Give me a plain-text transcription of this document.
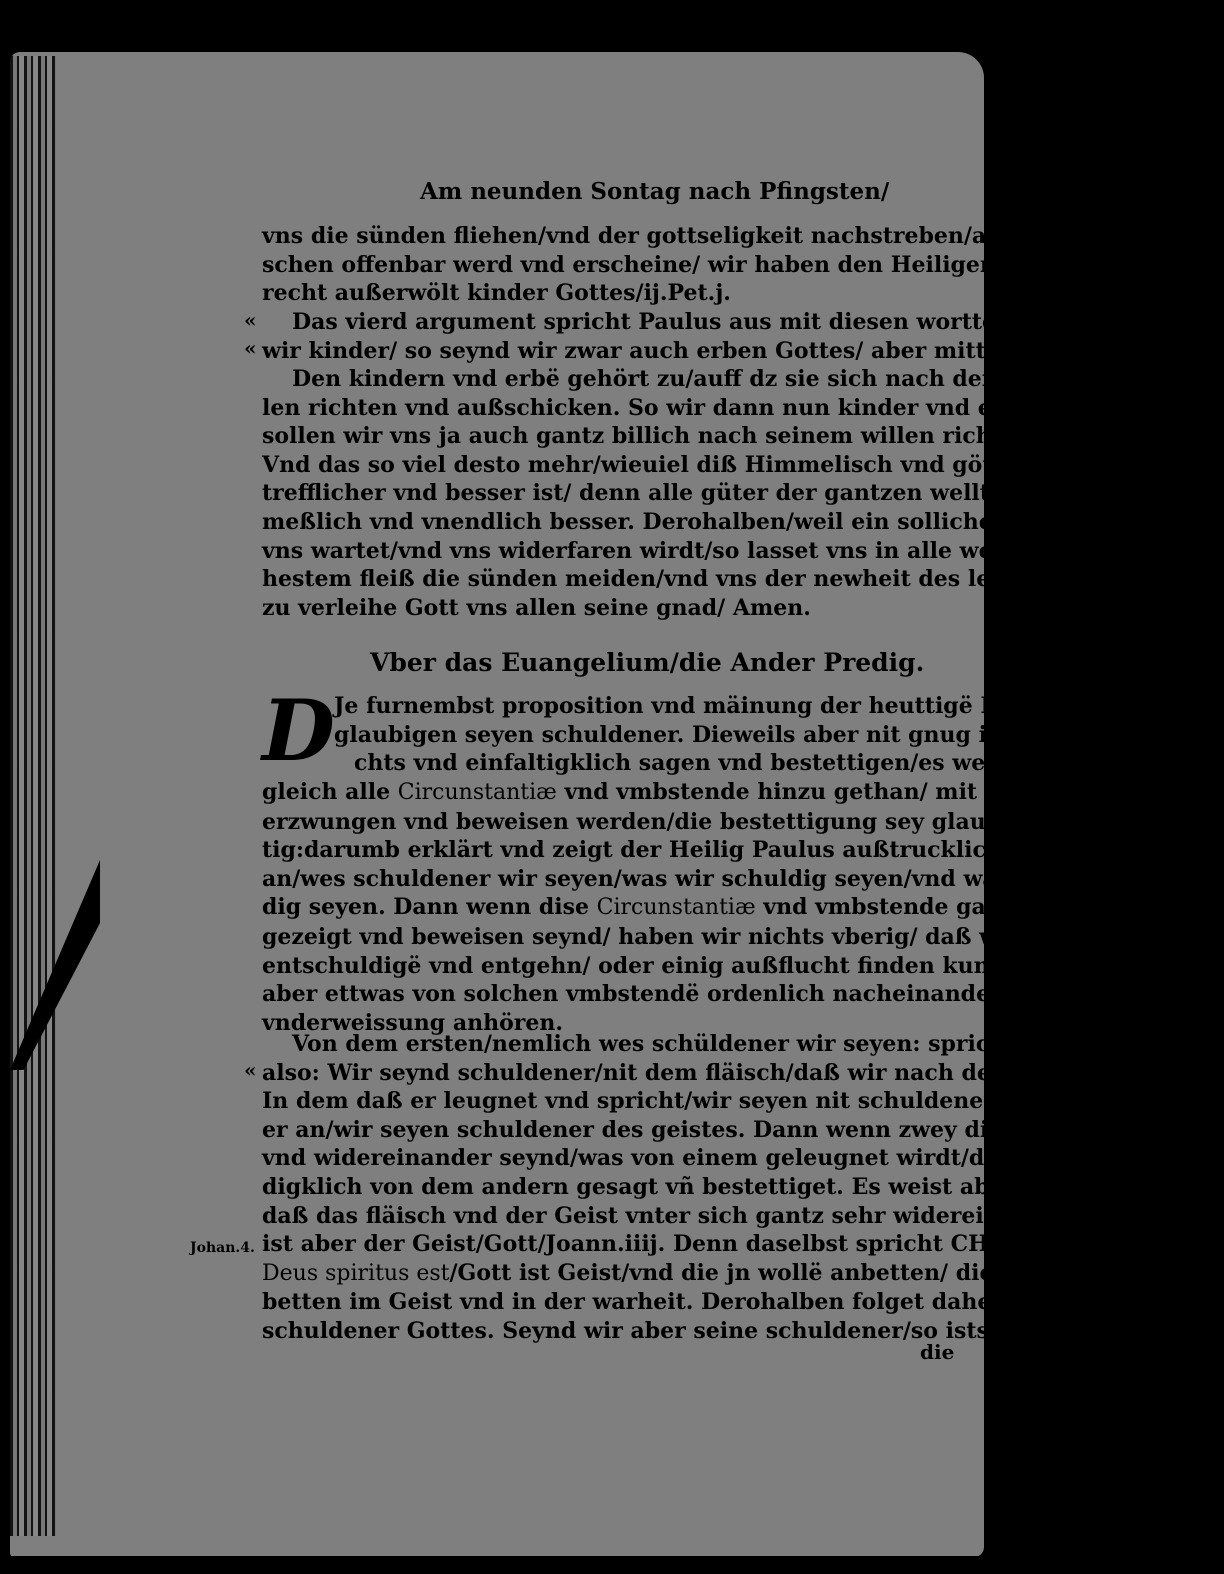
Am neunden Sontag nach Pfingsten/
vns die sünden fliehen/vnd der gottseligkeit nachstreben/auff daß allen mën-
schen offenbar werd vnd erscheine/ wir haben den Heiligen Geist/ vnd seyen
recht außerwölt kinder Gottes/ij.Pet.j.
«
«
Das vierd argument spricht Paulus aus mit diesen wortten: Seynd
wir kinder/ so seynd wir zwar auch erben Gottes/ aber mitterben Christi.
Den kindern vnd erbë gehört zu/auff dz sie sich nach dem Vatterlichë wil-
len richten vnd außschicken. So wir dann nun kinder vnd erbë Gottes seynd/
sollen wir vns ja auch gantz billich nach seinem willen richten vnd anschickë.
Vnd das so viel desto mehr/wieuiel diß Himmelisch vnd göttlich erbtheil für-
trefflicher vnd besser ist/ denn alle güter der gantzen wellt: Es ist aber vner-
meßlich vnd vnendlich besser. Derohalben/weil ein solliche groß erbtheil auff
vns wartet/vnd vns widerfaren wirdt/so lasset vns in alle weg vnd mit ho-
hestem fleiß die sünden meiden/vnd vns der newheit des lebens ergebë. Dar-
zu verleihe Gott vns allen seine gnad/ Amen.
Vber das Euangelium/die Ander Predig.
D Je furnembst proposition vnd mäinung der heuttigë Lection ist/Wir
glaubigen seyen schuldener. Dieweils aber nit gnug ist/ ein ding schle-
chts vnd einfaltigklich sagen vnd bestettigen/es werden dann auch zu-
gleich alle Circunstantiæ vnd vmbstende hinzu gethan/ mit welchen kunne
erzwungen vnd beweisen werden/die bestettigung sey glaublich vñ warhaff-
tig:darumb erklärt vnd zeigt der Heilig Paulus außtrucklich vnd deutlich
an/wes schuldener wir seyen/was wir schuldig seyen/vnd warumb wir schul-
dig seyen. Dann wenn dise Circunstantiæ vnd vmbstende gantz gewiß an-
gezeigt vnd beweisen seynd/ haben wir nichts vberig/ daß wir vns weigern/
entschuldigë vnd entgehn/ oder einig außflucht finden kunnen. Lasset vns
aber ettwas von solchen vmbstendë ordenlich nacheinander/zu vnser lehr vnd
vnderweissung anhören.
«
Von dem ersten/nemlich wes schüldener wir seyen: spricht der Apostel
also: Wir seynd schuldener/nit dem fläisch/daß wir nach dem fläisch leben.
In dem daß er leugnet vnd spricht/wir seyen nit schuldener des fläischs/ zeigt
er an/wir seyen schuldener des geistes. Dann wenn zwey ding gentzlich gegen
vnd widereinander seynd/was von einem geleugnet wirdt/das wirdt notwë-
digklich von dem andern gesagt vñ bestettiget. Es weist aber menigklich wol/
daß das fläisch vnd der Geist vnter sich gantz sehr widereinander seynd. Nun
ist aber der Geist/Gott/Joann.iiij. Denn daselbst spricht CHRISTVS:
Deus spiritus est/Gott ist Geist/vnd die jn wollë anbetten/ die müssen in an-
betten im Geist vnd in der warheit. Derohalben folget daher/ wir seyen
schuldener Gottes. Seynd wir aber seine schuldener/so ists ja billich daß wir
Johan.4.
die
